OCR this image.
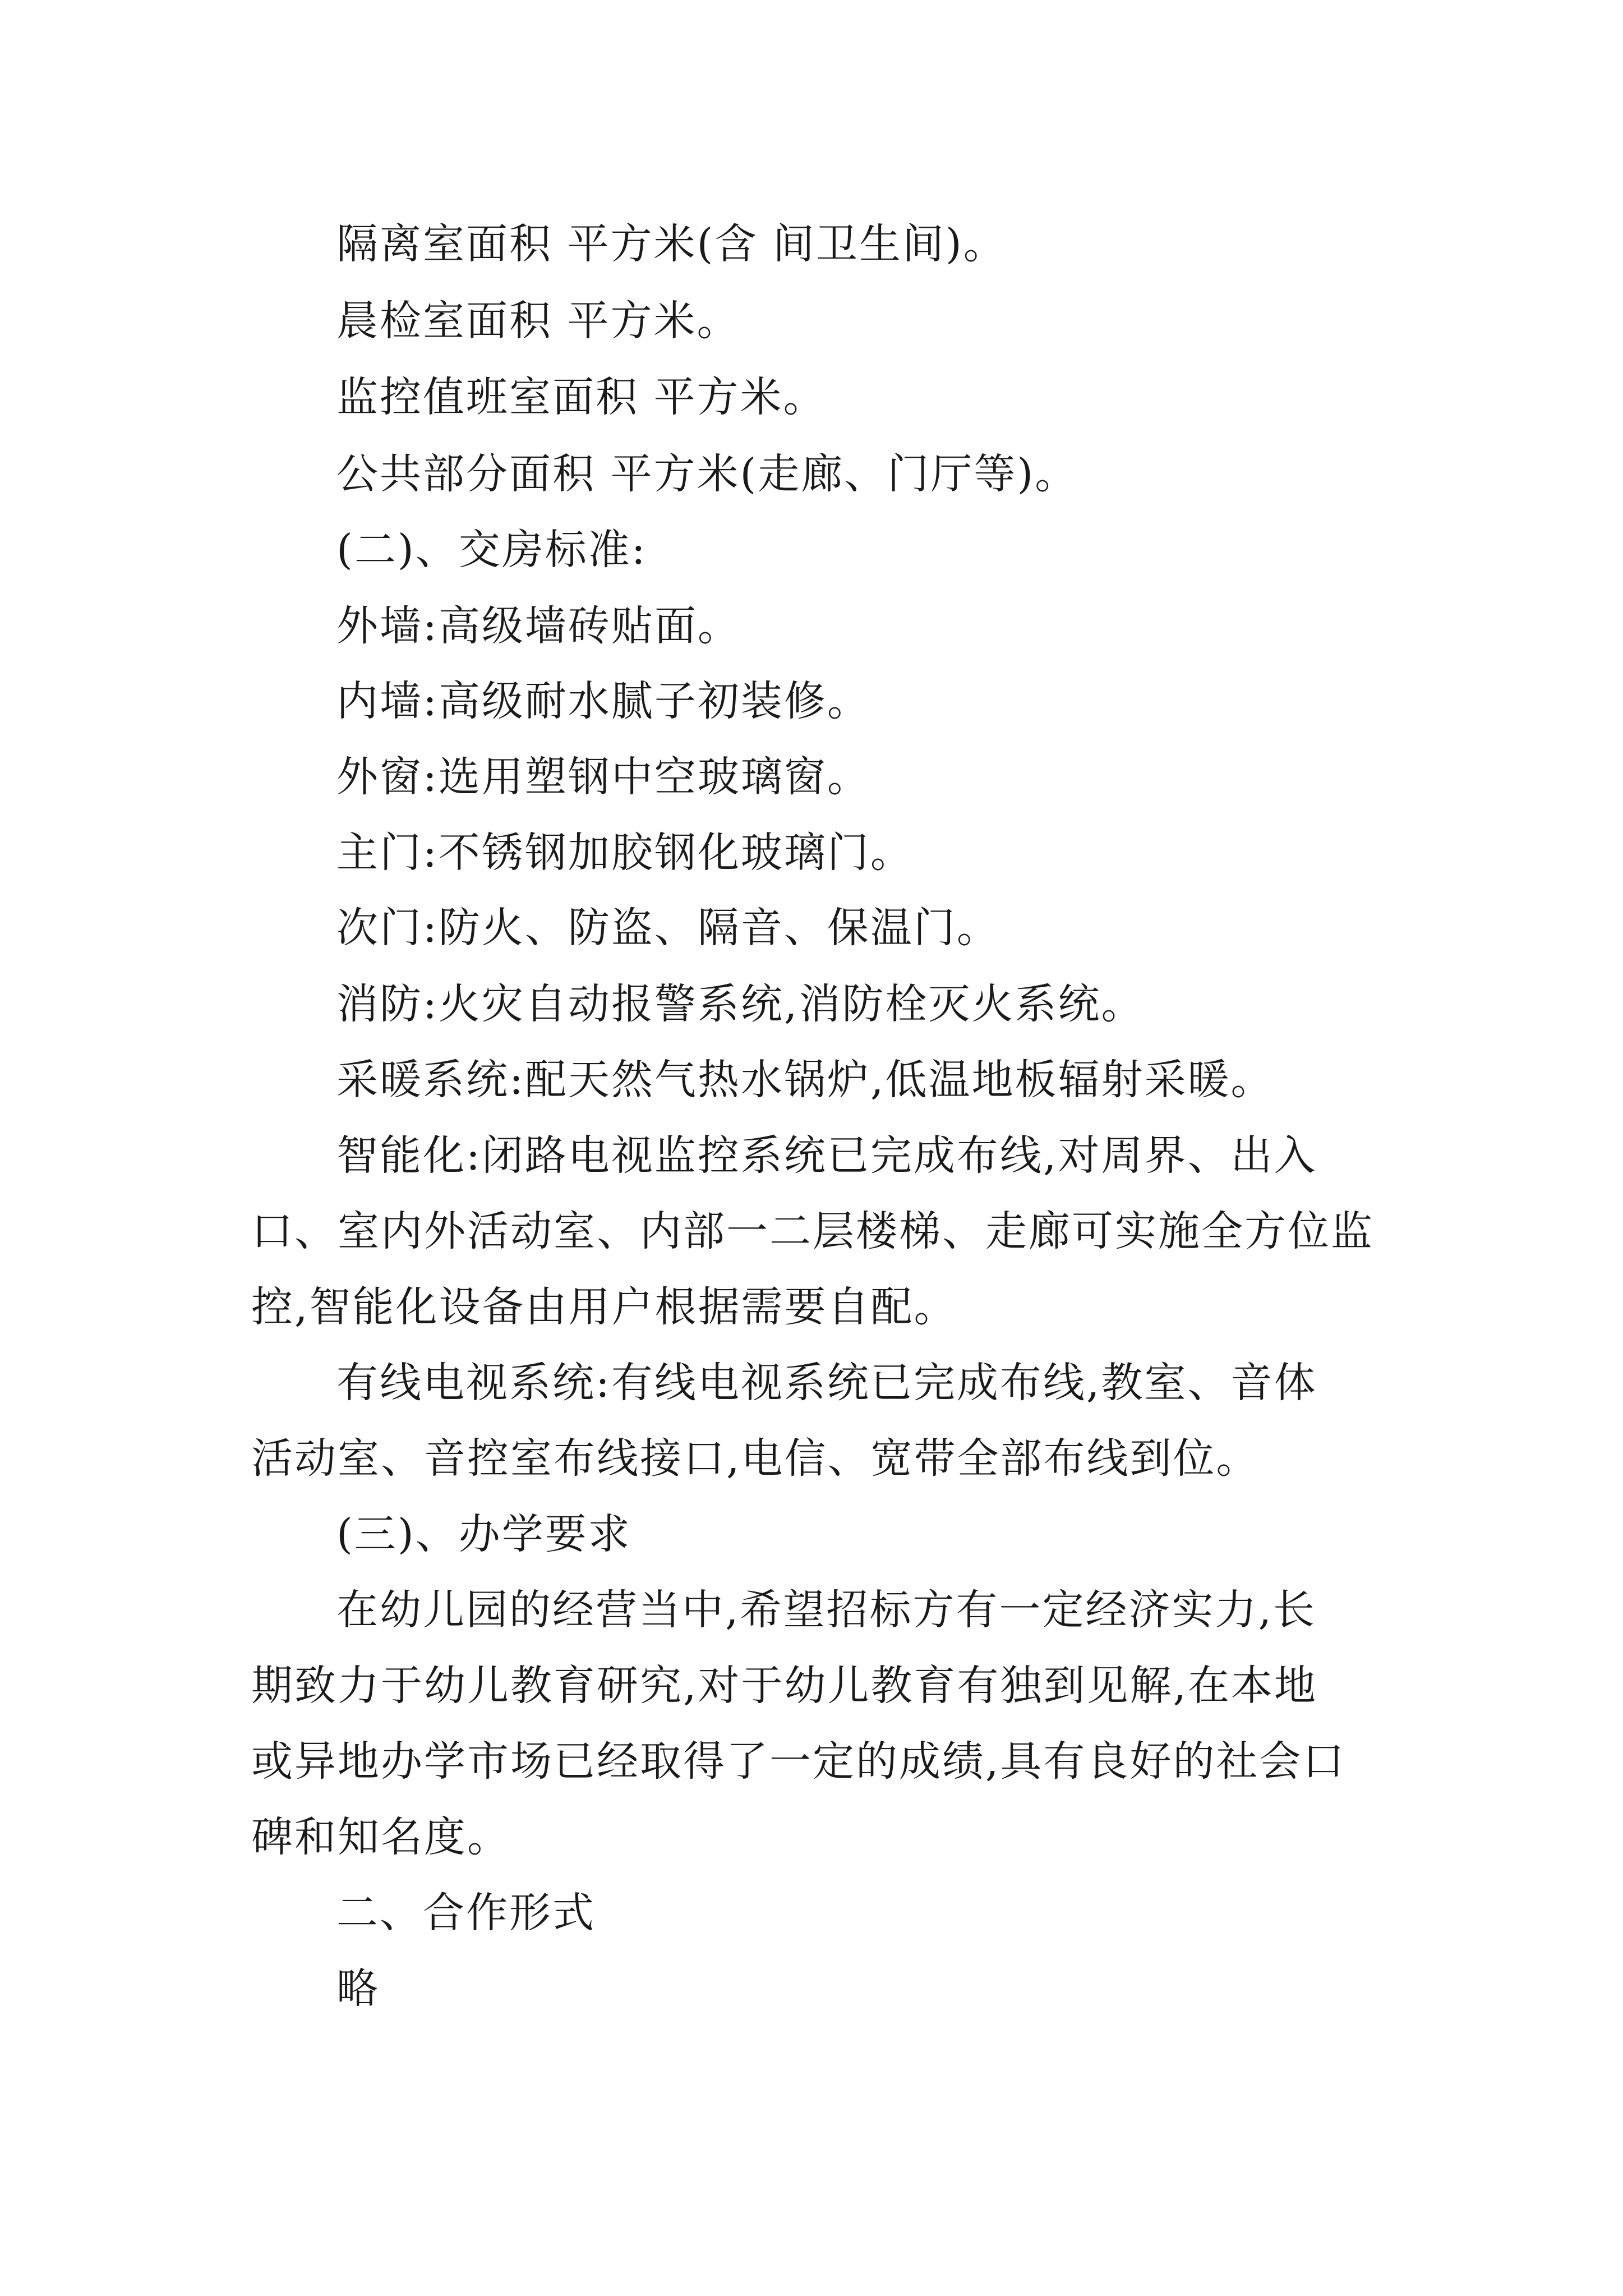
隔离室面积 平方米(含 间卫生间)。
晨检室面积 平方米。
监控值班室面积 平方米。
公共部分面积 平方米(走廊、门厅等)。
(二)、交房标准:
外墙:高级墙砖贴面。
内墙:高级耐水腻子初装修。
外窗:选用塑钢中空玻璃窗。
主门:不锈钢加胶钢化玻璃门。
次门:防火、防盗、隔音、保温门。
消防:火灾自动报警系统,消防栓灭火系统。
采暖系统:配天然气热水锅炉,低温地板辐射采暖。
智能化:闭路电视监控系统已完成布线,对周界、出入
口、室内外活动室、内部一二层楼梯、走廊可实施全方位监
控,智能化设备由用户根据需要自配。
有线电视系统:有线电视系统已完成布线,教室、音体
活动室、音控室布线接口,电信、宽带全部布线到位。
(三)、办学要求
在幼儿园的经营当中,希望招标方有一定经济实力,长
期致力于幼儿教育研究,对于幼儿教育有独到见解,在本地
或异地办学市场已经取得了一定的成绩,具有良好的社会口
碑和知名度。
二、合作形式
略
